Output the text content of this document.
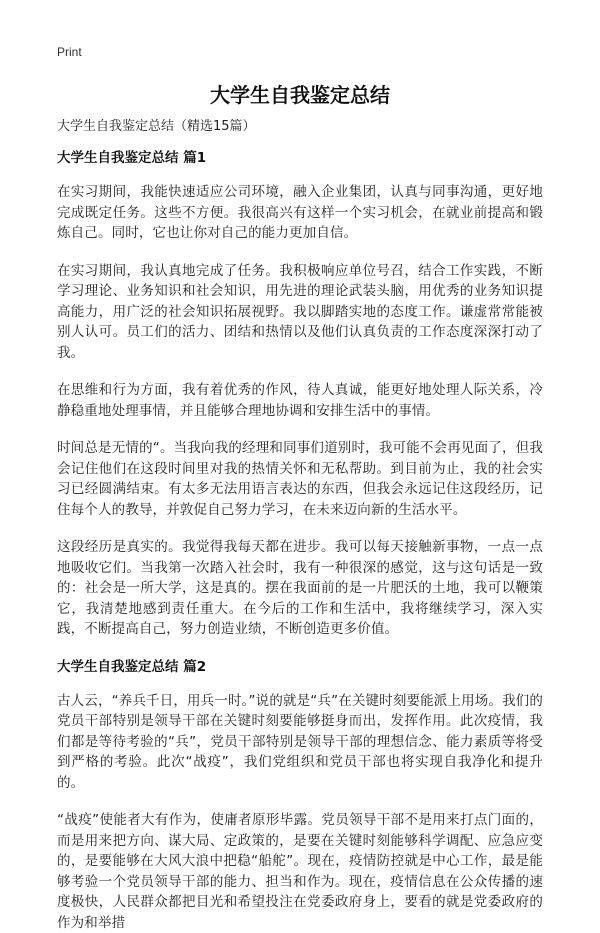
Print
大学生自我鉴定总结

大学生自我鉴定总结（精选15篇）

大学生自我鉴定总结 篇1

在实习期间，我能快速适应公司环境，融入企业集团，认真与同事沟通，更好地完成既定任务。这些不方便。我很高兴有这样一个实习机会，在就业前提高和锻炼自己。同时，它也让你对自己的能力更加自信。

在实习期间，我认真地完成了任务。我积极响应单位号召，结合工作实践，不断学习理论、业务知识和社会知识，用先进的理论武装头脑，用优秀的业务知识提高能力，用广泛的社会知识拓展视野。我以脚踏实地的态度工作。谦虚常常能被别人认可。员工们的活力、团结和热情以及他们认真负责的工作态度深深打动了我。

在思维和行为方面，我有着优秀的作风，待人真诚，能更好地处理人际关系，冷静稳重地处理事情，并且能够合理地协调和安排生活中的事情。

时间总是无情的“。当我向我的经理和同事们道别时，我可能不会再见面了，但我会记住他们在这段时间里对我的热情关怀和无私帮助。到目前为止，我的社会实习已经圆满结束。有太多无法用语言表达的东西，但我会永远记住这段经历，记住每个人的教导，并敦促自己努力学习，在未来迈向新的生活水平。

这段经历是真实的。我觉得我每天都在进步。我可以每天接触新事物，一点一点地吸收它们。当我第一次踏入社会时，我有一种很深的感觉，这与这句话是一致的：社会是一所大学，这是真的。摆在我面前的是一片肥沃的土地，我可以鞭策它，我清楚地感到责任重大。在今后的工作和生活中，我将继续学习，深入实践，不断提高自己，努力创造业绩，不断创造更多价值。

大学生自我鉴定总结 篇2

古人云，“养兵千日，用兵一时。”说的就是“兵”在关键时刻要能派上用场。我们的党员干部特别是领导干部在关键时刻要能够挺身而出，发挥作用。此次疫情，我们都是等待考验的“兵”，党员干部特别是领导干部的理想信念、能力素质等将受到严格的考验。此次“战疫”，我们党组织和党员干部也将实现自我净化和提升的。

“战疫”使能者大有作为，使庸者原形毕露。党员领导干部不是用来打点门面的，而是用来把方向、谋大局、定政策的，是要在关键时刻能够科学调配、应急应变的，是要能够在大风大浪中把稳“船舵”。现在，疫情防控就是中心工作，最是能够考验一个党员领导干部的能力、担当和作为。现在，疫情信息在公众传播的速度极快，人民群众都把目光和希望投注在党委政府身上，要看的就是党委政府的作为和举措
